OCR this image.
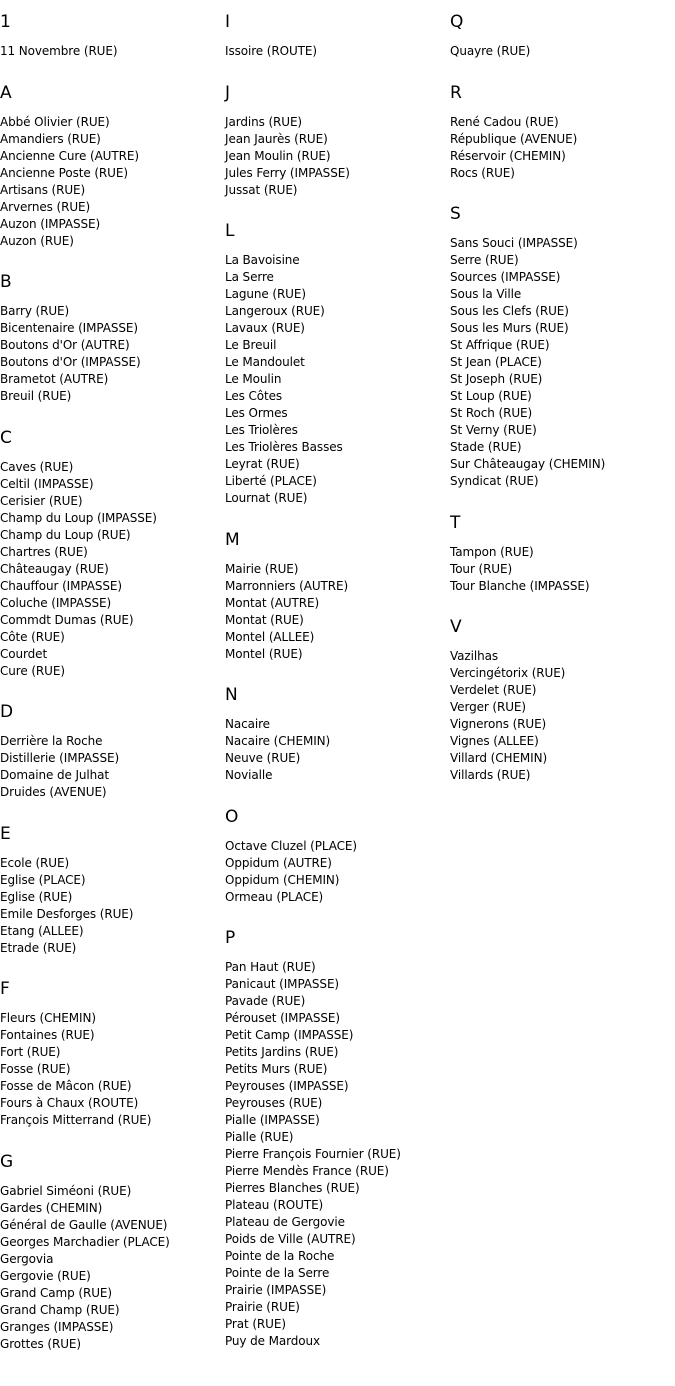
1
11 Novembre (RUE)
A
Abbé Olivier (RUE)
Amandiers (RUE)
Ancienne Cure (AUTRE)
Ancienne Poste (RUE)
Artisans (RUE)
Arvernes (RUE)
Auzon (IMPASSE)
Auzon (RUE)
B
Barry (RUE)
Bicentenaire (IMPASSE)
Boutons d'Or (AUTRE)
Boutons d'Or (IMPASSE)
Brametot (AUTRE)
Breuil (RUE)
C
Caves (RUE)
Celtil (IMPASSE)
Cerisier (RUE)
Champ du Loup (IMPASSE)
Champ du Loup (RUE)
Chartres (RUE)
Châteaugay (RUE)
Chauffour (IMPASSE)
Coluche (IMPASSE)
Commdt Dumas (RUE)
Côte (RUE)
Courdet
Cure (RUE)
D
Derrière la Roche
Distillerie (IMPASSE)
Domaine de Julhat
Druides (AVENUE)
E
Ecole (RUE)
Eglise (PLACE)
Eglise (RUE)
Emile Desforges (RUE)
Etang (ALLEE)
Etrade (RUE)
F
Fleurs (CHEMIN)
Fontaines (RUE)
Fort (RUE)
Fosse (RUE)
Fosse de Mâcon (RUE)
Fours à Chaux (ROUTE)
François Mitterrand (RUE)
G
Gabriel Siméoni (RUE)
Gardes (CHEMIN)
Général de Gaulle (AVENUE)
Georges Marchadier (PLACE)
Gergovia
Gergovie (RUE)
Grand Camp (RUE)
Grand Champ (RUE)
Granges (IMPASSE)
Grottes (RUE)
I
Issoire (ROUTE)
J
Jardins (RUE)
Jean Jaurès (RUE)
Jean Moulin (RUE)
Jules Ferry (IMPASSE)
Jussat (RUE)
L
La Bavoisine
La Serre
Lagune (RUE)
Langeroux (RUE)
Lavaux (RUE)
Le Breuil
Le Mandoulet
Le Moulin
Les Côtes
Les Ormes
Les Triolères
Les Triolères Basses
Leyrat (RUE)
Liberté (PLACE)
Lournat (RUE)
M
Mairie (RUE)
Marronniers (AUTRE)
Montat (AUTRE)
Montat (RUE)
Montel (ALLEE)
Montel (RUE)
N
Nacaire
Nacaire (CHEMIN)
Neuve (RUE)
Novialle
O
Octave Cluzel (PLACE)
Oppidum (AUTRE)
Oppidum (CHEMIN)
Ormeau (PLACE)
P
Pan Haut (RUE)
Panicaut (IMPASSE)
Pavade (RUE)
Pérouset (IMPASSE)
Petit Camp (IMPASSE)
Petits Jardins (RUE)
Petits Murs (RUE)
Peyrouses (IMPASSE)
Peyrouses (RUE)
Pialle (IMPASSE)
Pialle (RUE)
Pierre François Fournier (RUE)
Pierre Mendès France (RUE)
Pierres Blanches (RUE)
Plateau (ROUTE)
Plateau de Gergovie
Poids de Ville (AUTRE)
Pointe de la Roche
Pointe de la Serre
Prairie (IMPASSE)
Prairie (RUE)
Prat (RUE)
Puy de Mardoux
Q
Quayre (RUE)
R
René Cadou (RUE)
République (AVENUE)
Réservoir (CHEMIN)
Rocs (RUE)
S
Sans Souci (IMPASSE)
Serre (RUE)
Sources (IMPASSE)
Sous la Ville
Sous les Clefs (RUE)
Sous les Murs (RUE)
St Affrique (RUE)
St Jean (PLACE)
St Joseph (RUE)
St Loup (RUE)
St Roch (RUE)
St Verny (RUE)
Stade (RUE)
Sur Châteaugay (CHEMIN)
Syndicat (RUE)
T
Tampon (RUE)
Tour (RUE)
Tour Blanche (IMPASSE)
V
Vazilhas
Vercingétorix (RUE)
Verdelet (RUE)
Verger (RUE)
Vignerons (RUE)
Vignes (ALLEE)
Villard (CHEMIN)
Villards (RUE)
